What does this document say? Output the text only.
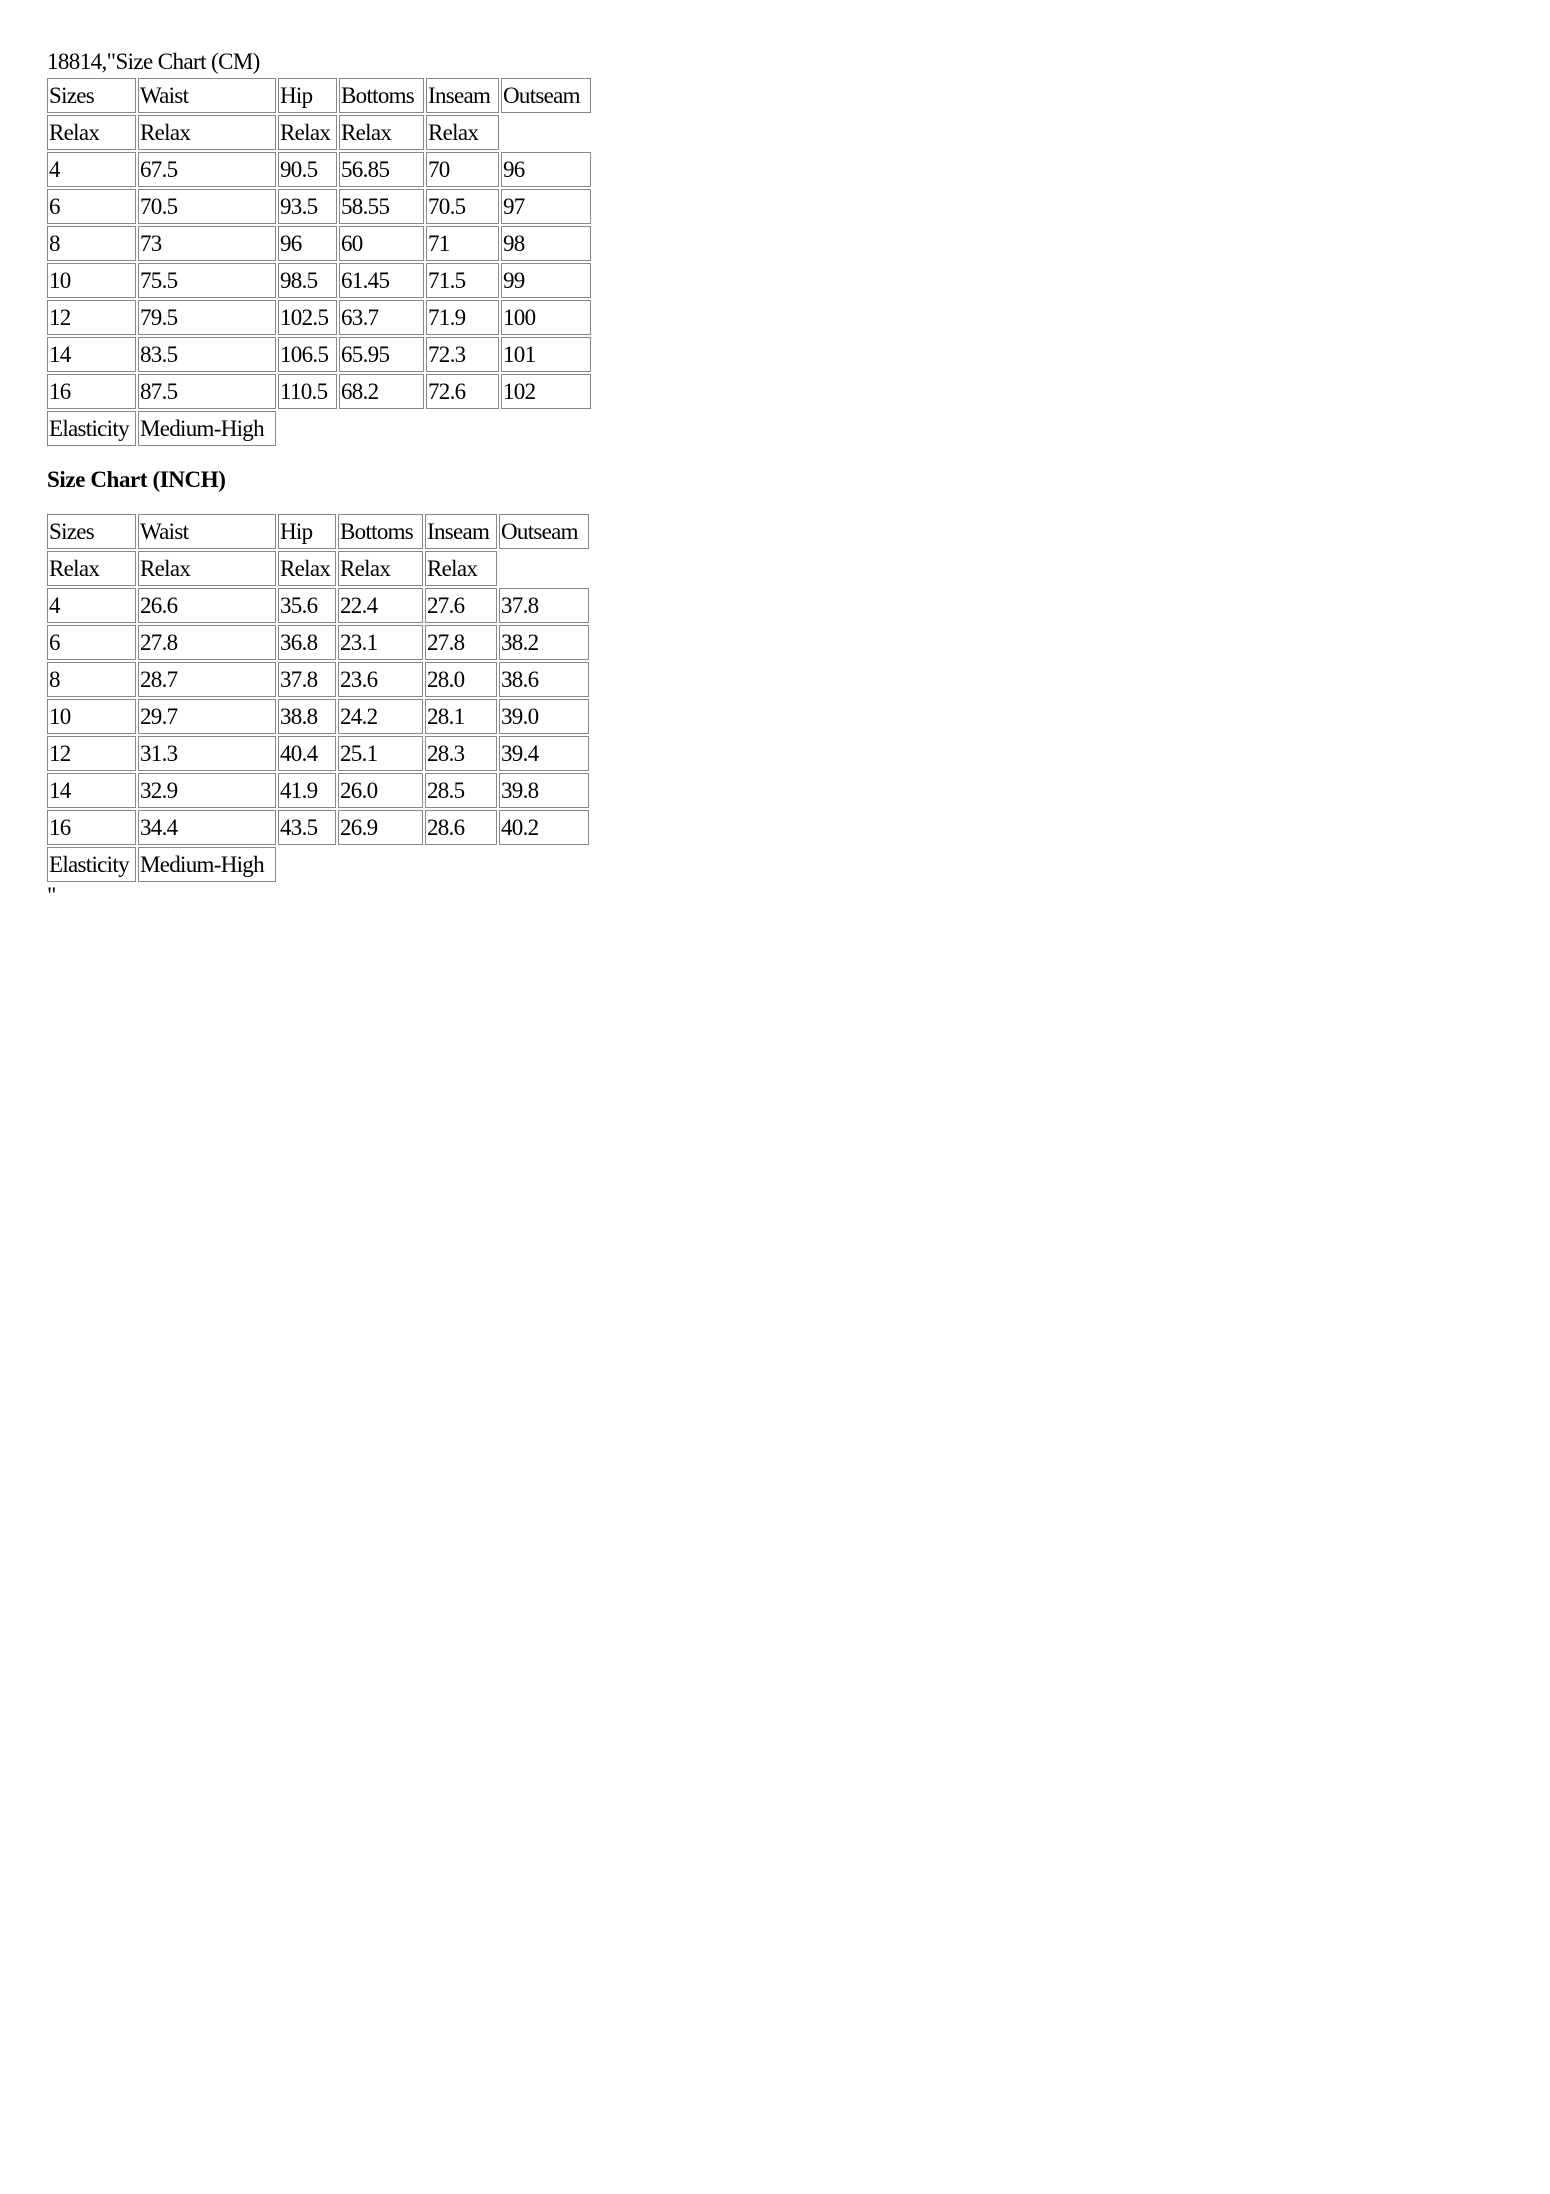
18814,"Size Chart (CM)
Sizes	Waist	Hip	Bottoms	Inseam	Outseam
Relax	Relax	Relax	Relax	Relax	
4	67.5	90.5	56.85	70	96
6	70.5	93.5	58.55	70.5	97
8	73	96	60	71	98
10	75.5	98.5	61.45	71.5	99
12	79.5	102.5	63.7	71.9	100
14	83.5	106.5	65.95	72.3	101
16	87.5	110.5	68.2	72.6	102
Elasticity	Medium-High				
Size Chart (INCH)
Sizes	Waist	Hip	Bottoms	Inseam	Outseam
Relax	Relax	Relax	Relax	Relax	
4	26.6	35.6	22.4	27.6	37.8
6	27.8	36.8	23.1	27.8	38.2
8	28.7	37.8	23.6	28.0	38.6
10	29.7	38.8	24.2	28.1	39.0
12	31.3	40.4	25.1	28.3	39.4
14	32.9	41.9	26.0	28.5	39.8
16	34.4	43.5	26.9	28.6	40.2
Elasticity	Medium-High				
"
